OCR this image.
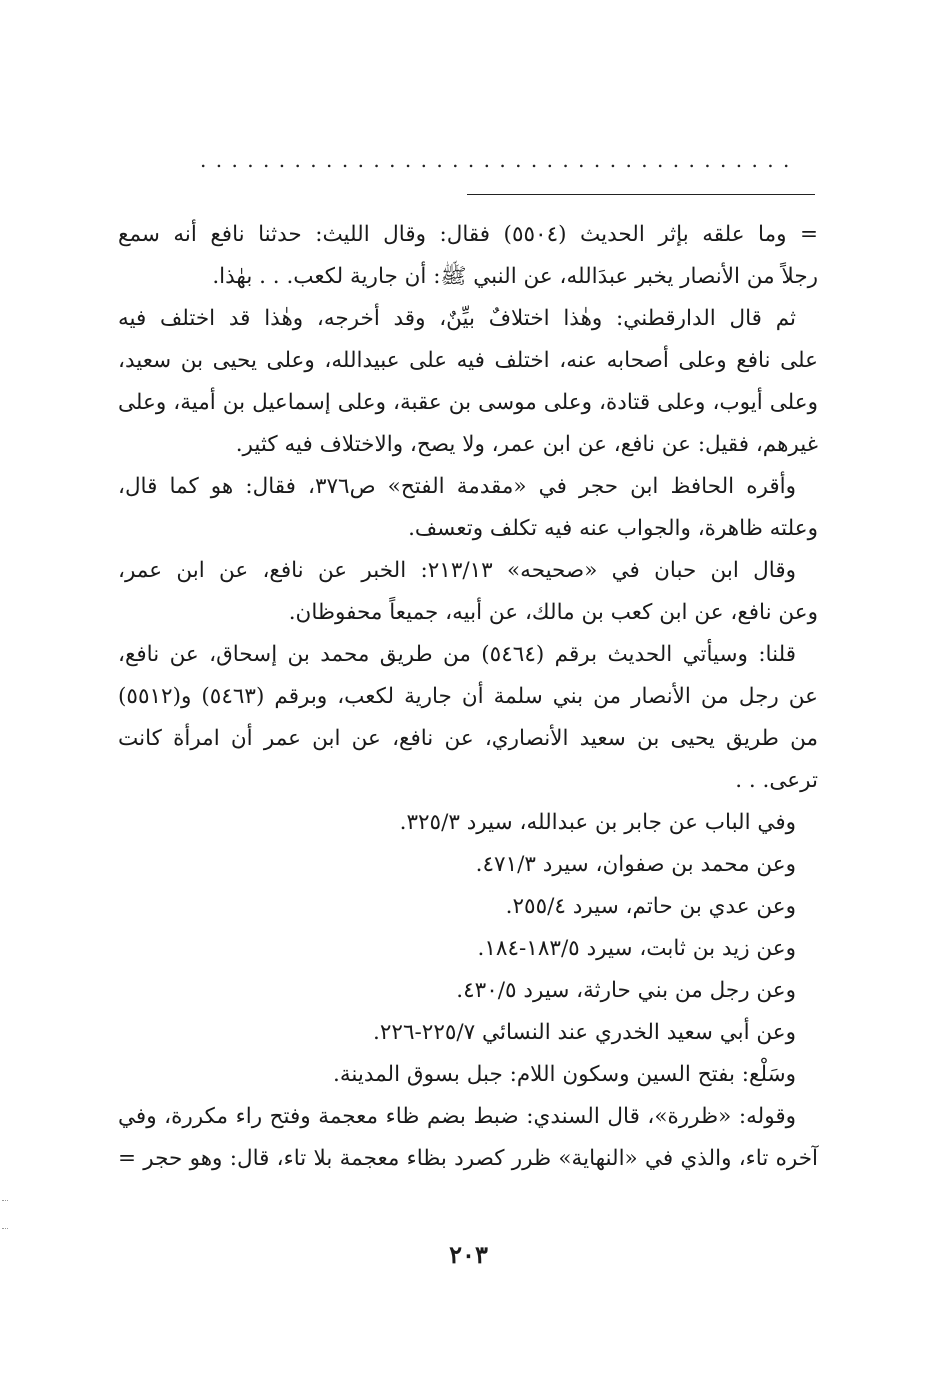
......................................
= وما علقه بإثر الحديث (٥٥٠٤) فقال: وقال الليث: حدثنا نافع أنه سمع
رجلاً من الأنصار يخبر عبدَالله، عن النبي ﷺ: أن جارية لكعب. . . بهٰذا.
ثم قال الدارقطني: وهٰذا اختلافٌ بيِّنٌ، وقد أخرجه، وهٰذا قد اختلف فيه
على نافع وعلى أصحابه عنه، اختلف فيه على عبيدالله، وعلى يحيى بن سعيد،
وعلى أيوب، وعلى قتادة، وعلى موسى بن عقبة، وعلى إسماعيل بن أمية، وعلى
غيرهم، فقيل: عن نافع، عن ابن عمر، ولا يصح، والاختلاف فيه كثير.
وأقره الحافظ ابن حجر في «مقدمة الفتح» ص٣٧٦، فقال: هو كما قال،
وعلته ظاهرة، والجواب عنه فيه تكلف وتعسف.
وقال ابن حبان في «صحيحه» ٢١٣/١٣: الخبر عن نافع، عن ابن عمر،
وعن نافع، عن ابن كعب بن مالك، عن أبيه، جميعاً محفوظان.
قلنا: وسيأتي الحديث برقم (٥٤٦٤) من طريق محمد بن إسحاق، عن نافع،
عن رجل من الأنصار من بني سلمة أن جارية لكعب، وبرقم (٥٤٦٣) و(٥٥١٢)
من طريق يحيى بن سعيد الأنصاري، عن نافع، عن ابن عمر أن امرأة كانت
ترعى. . .
وفي الباب عن جابر بن عبدالله، سيرد ٣٢٥/٣.
وعن محمد بن صفوان، سيرد ٤٧١/٣.
وعن عدي بن حاتم، سيرد ٢٥٥/٤.
وعن زيد بن ثابت، سيرد ١٨٣/٥-١٨٤.
وعن رجل من بني حارثة، سيرد ٤٣٠/٥.
وعن أبي سعيد الخدري عند النسائي ٢٢٥/٧-٢٢٦.
وسَلْع: بفتح السين وسكون اللام: جبل بسوق المدينة.
وقوله: «ظررة»، قال السندي: ضبط بضم ظاء معجمة وفتح راء مكررة، وفي
آخره تاء، والذي في «النهاية» ظرر كصرد بظاء معجمة بلا تاء، قال: وهو حجر =
٢٠٣
